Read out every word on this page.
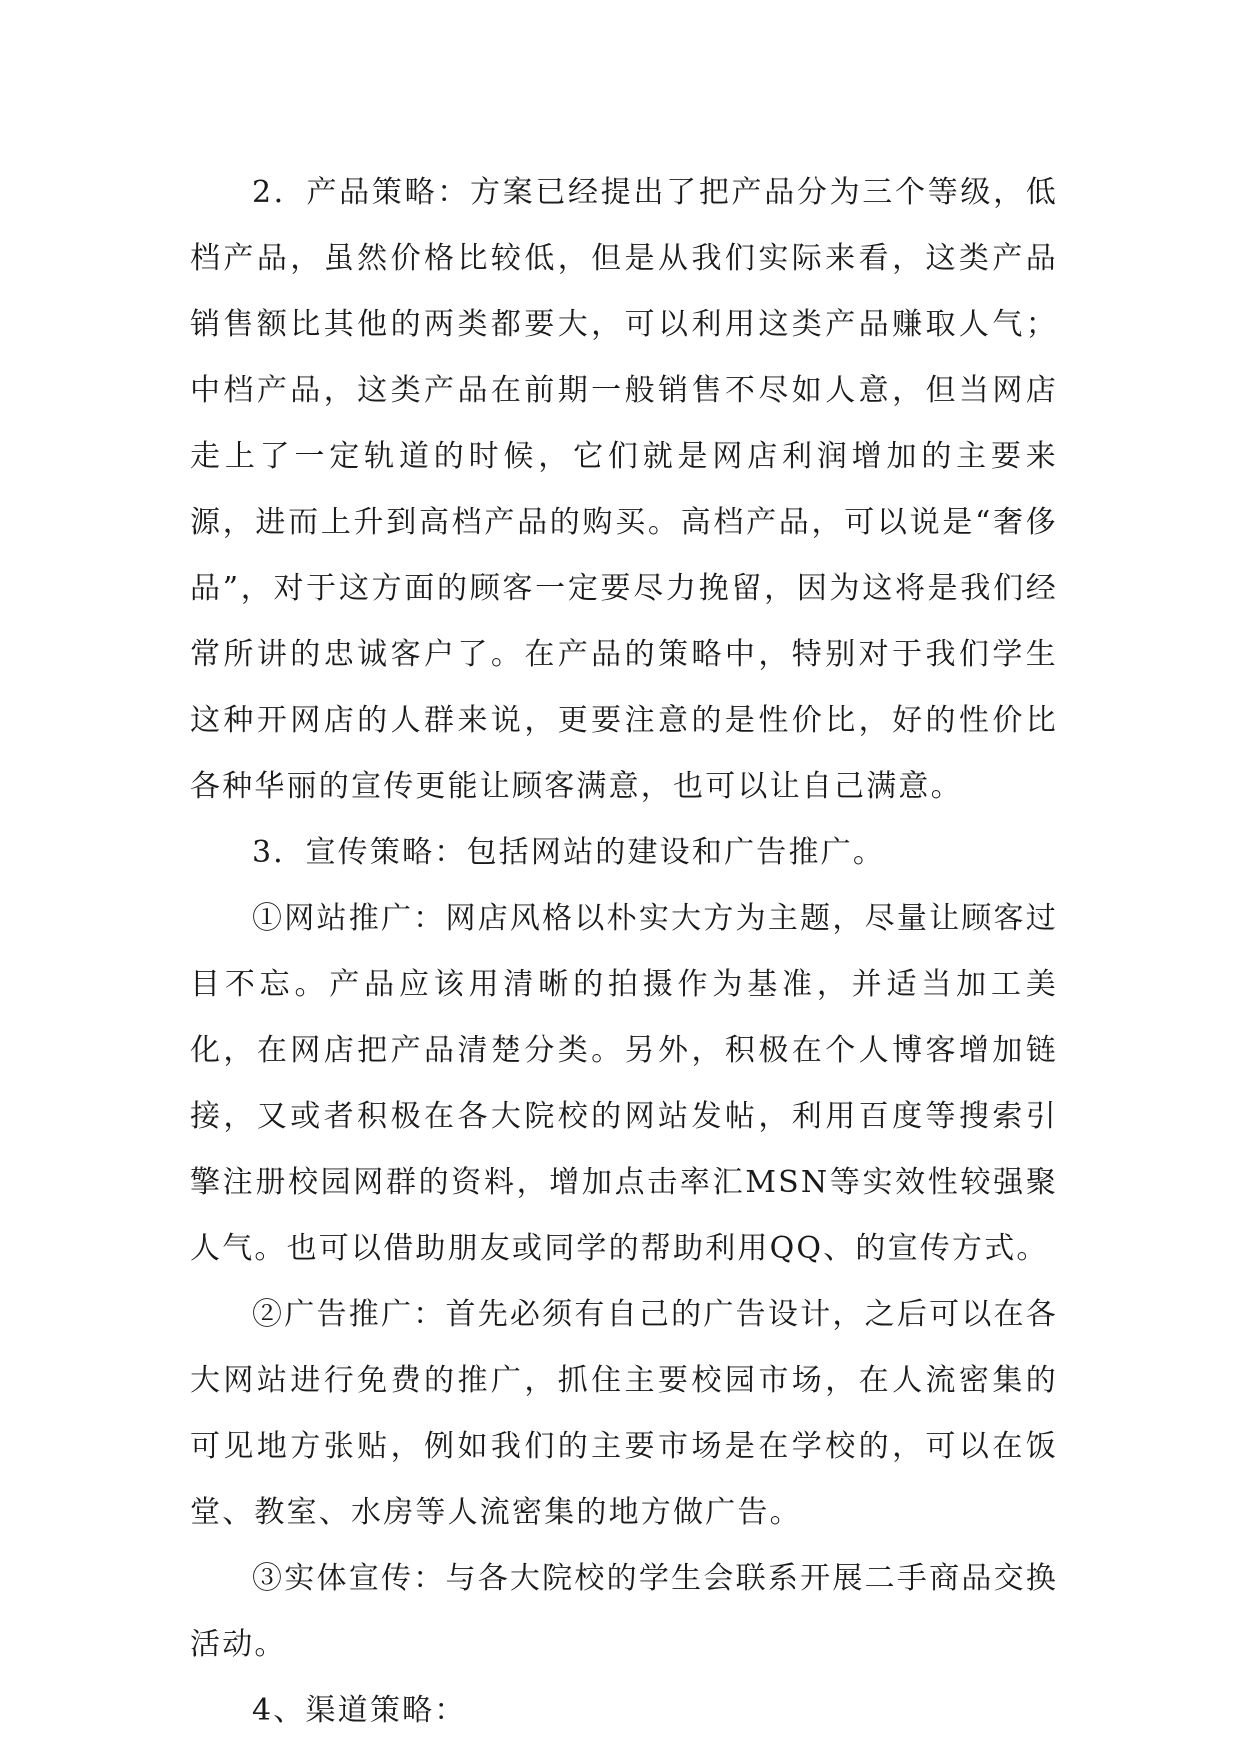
2．产品策略：方案已经提出了把产品分为三个等级，低档产品，虽然价格比较低，但是从我们实际来看，这类产品销售额比其他的两类都要大，可以利用这类产品赚取人气；中档产品，这类产品在前期一般销售不尽如人意，但当网店走上了一定轨道的时候，它们就是网店利润增加的主要来源，进而上升到高档产品的购买。高档产品，可以说是“奢侈品”，对于这方面的顾客一定要尽力挽留，因为这将是我们经常所讲的忠诚客户了。在产品的策略中，特别对于我们学生这种开网店的人群来说，更要注意的是性价比，好的性价比各种华丽的宣传更能让顾客满意，也可以让自己满意。

3．宣传策略：包括网站的建设和广告推广。

①网站推广：网店风格以朴实大方为主题，尽量让顾客过目不忘。产品应该用清晰的拍摄作为基准，并适当加工美化，在网店把产品清楚分类。另外，积极在个人博客增加链接，又或者积极在各大院校的网站发帖，利用百度等搜索引擎注册校园网群的资料，增加点击率汇MSN等实效性较强聚人气。也可以借助朋友或同学的帮助利用QQ、的宣传方式。

②广告推广：首先必须有自己的广告设计，之后可以在各大网站进行免费的推广，抓住主要校园市场，在人流密集的可见地方张贴，例如我们的主要市场是在学校的，可以在饭堂、教室、水房等人流密集的地方做广告。

③实体宣传：与各大院校的学生会联系开展二手商品交换活动。

4、渠道策略：
